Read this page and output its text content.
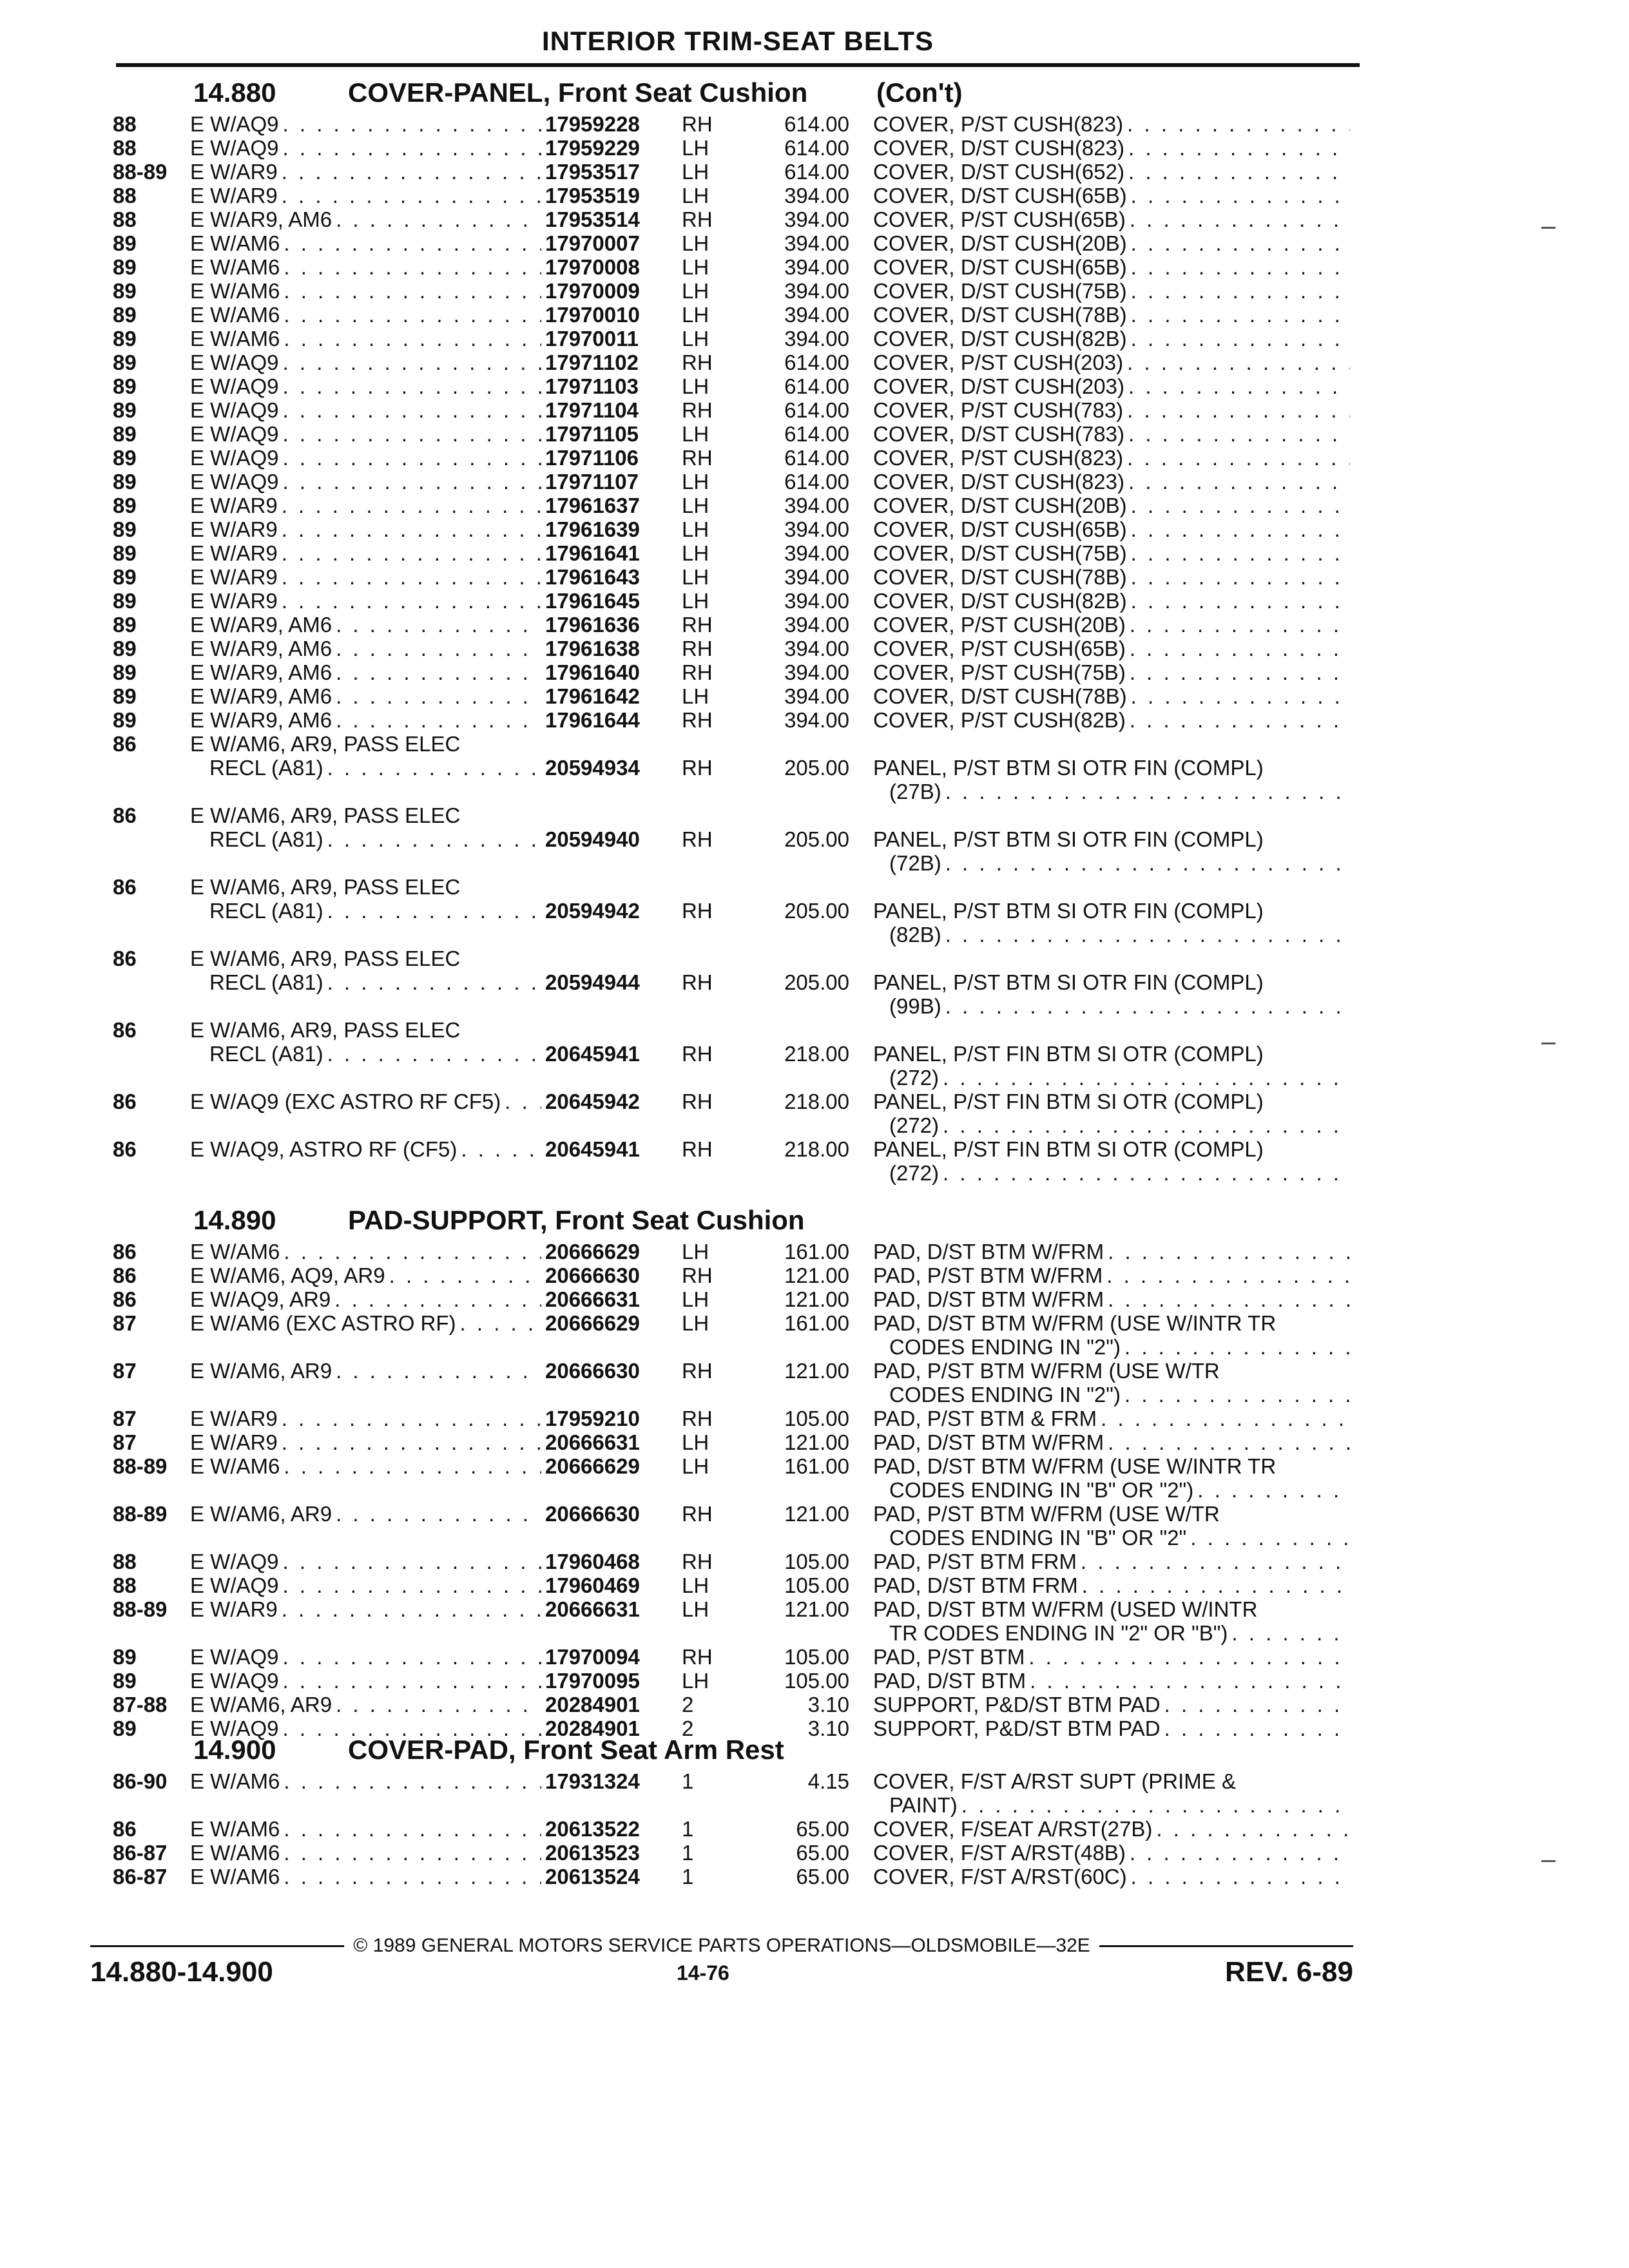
INTERIOR TRIM-SEAT BELTS
14.880	COVER-PANEL, Front Seat Cushion	(Con't)
88	E W/AQ9 . . .	17959228	RH	614.00 COVER, P/ST CUSH(823)
. . .
88	E W/AQ9 . . .	17959229	LH	614.00 COVER, D/ST CUSH(823)
. . .
88-89	E W/AR9 . . .	17953517	LH	614.00 COVER, D/ST CUSH(652)
. . .
88	E W/AR9 . . .	17953519	LH	394.00 COVER, D/ST CUSH(65B)
. . .
88	E W/AR9, AM6 . . .	17953514	RH	394.00 COVER, P/ST CUSH(65B)
. . .
89	E W/AM6 . . .	17970007	LH	394.00 COVER, D/ST CUSH(20B)
. . .
89	E W/AM6 . . .	17970008	LH	394.00 COVER, D/ST CUSH(65B)
. . .
89	E W/AM6 . . .	17970009	LH	394.00 COVER, D/ST CUSH(75B)
. . .
89	E W/AM6 . . .	17970010	LH	394.00 COVER, D/ST CUSH(78B)
. . .
89	E W/AM6 . . .	17970011	LH	394.00 COVER, D/ST CUSH(82B)
. . .
89	E W/AQ9 . . .	17971102	RH	614.00 COVER, P/ST CUSH(203)
. . .
89	E W/AQ9 . . .	17971103	LH	614.00 COVER, D/ST CUSH(203)
. . .
89	E W/AQ9 . . .	17971104	RH	614.00 COVER, P/ST CUSH(783)
. . .
89	E W/AQ9 . . .	17971105	LH	614.00 COVER, D/ST CUSH(783)
. . .
89	E W/AQ9 . . .	17971106	RH	614.00 COVER, P/ST CUSH(823)
. . .
89	E W/AQ9 . . .	17971107	LH	614.00 COVER, D/ST CUSH(823)
. . .
89	E W/AR9 . . .	17961637	LH	394.00 COVER, D/ST CUSH(20B)
. . .
89	E W/AR9 . . .	17961639	LH	394.00 COVER, D/ST CUSH(65B)
. . .
89	E W/AR9 . . .	17961641	LH	394.00 COVER, D/ST CUSH(75B)
. . .
89	E W/AR9 . . .	17961643	LH	394.00 COVER, D/ST CUSH(78B)
. . .
89	E W/AR9 . . .	17961645	LH	394.00 COVER, D/ST CUSH(82B)
. . .
89	E W/AR9, AM6 . . .	17961636	RH	394.00 COVER, P/ST CUSH(20B)
. . .
89	E W/AR9, AM6 . . .	17961638	RH	394.00 COVER, P/ST CUSH(65B)
. . .
89	E W/AR9, AM6 . . .	17961640	RH	394.00 COVER, P/ST CUSH(75B)
. . .
89	E W/AR9, AM6 . . .	17961642	LH	394.00 COVER, D/ST CUSH(78B)
. . .
89	E W/AR9, AM6 . . .	17961644	RH	394.00 COVER, P/ST CUSH(82B)
. . .
86	E W/AM6, AR9, PASS ELEC
RECL (A81) . . .	20594934	RH	205.00 PANEL, P/ST BTM SI OTR FIN (COMPL)
(27B)
. . .
86	E W/AM6, AR9, PASS ELEC
RECL (A81) . . .	20594940	RH	205.00 PANEL, P/ST BTM SI OTR FIN (COMPL)
(72B)
. . .
86	E W/AM6, AR9, PASS ELEC
RECL (A81) . . .	20594942	RH	205.00 PANEL, P/ST BTM SI OTR FIN (COMPL)
(82B)
. . .
86	E W/AM6, AR9, PASS ELEC
RECL (A81) . . .	20594944	RH	205.00 PANEL, P/ST BTM SI OTR FIN (COMPL)
(99B)
. . .
86	E W/AM6, AR9, PASS ELEC
RECL (A81) . . .	20645941	RH	218.00 PANEL, P/ST FIN BTM SI OTR (COMPL)
(272)
. . .
86	E W/AQ9 (EXC ASTRO RF CF5) . . . 20645942	RH	218.00 PANEL, P/ST FIN BTM SI OTR (COMPL)
(272)
. . .
86	E W/AQ9, ASTRO RF (CF5) . . .	20645941	RH	218.00 PANEL, P/ST FIN BTM SI OTR (COMPL)
(272)
. . .
14.890	PAD-SUPPORT, Front Seat Cushion
86	E W/AM6 . . .	20666629	LH	161.00 PAD, D/ST BTM W/FRM
. . .
86	E W/AM6, AQ9, AR9 . . .	20666630	RH	121.00 PAD, P/ST BTM W/FRM
. . .
86	E W/AQ9, AR9 . . .	20666631	LH	121.00 PAD, D/ST BTM W/FRM
. . .
87	E W/AM6 (EXC ASTRO RF) . . .	20666629	LH	161.00 PAD, D/ST BTM W/FRM (USE W/INTR TR
CODES ENDING IN "2")
. . .
87	E W/AM6, AR9 . . .	20666630	RH	121.00 PAD, P/ST BTM W/FRM (USE W/TR
CODES ENDING IN "2")
. . .
87	E W/AR9 . . .	17959210	RH	105.00 PAD, P/ST BTM & FRM
. . .
87	E W/AR9 . . .	20666631	LH	121.00 PAD, D/ST BTM W/FRM
. . .
88-89	E W/AM6 . . .	20666629	LH	161.00 PAD, D/ST BTM W/FRM (USE W/INTR TR
CODES ENDING IN "B" OR "2")
. . .
88-89	E W/AM6, AR9 . . .	20666630	RH	121.00 PAD, P/ST BTM W/FRM (USE W/TR
CODES ENDING IN "B" OR "2"
. . .
88	E W/AQ9 . . .	17960468	RH	105.00 PAD, P/ST BTM FRM
. . .
88	E W/AQ9 . . .	17960469	LH	105.00 PAD, D/ST BTM FRM
. . .
88-89	E W/AR9 . . .	20666631	LH	121.00 PAD, D/ST BTM W/FRM (USED W/INTR
TR CODES ENDING IN "2" OR "B")
. . .
89	E W/AQ9 . . .	17970094	RH	105.00 PAD, P/ST BTM
. . .
89	E W/AQ9 . . .	17970095	LH	105.00 PAD, D/ST BTM
. . .
87-88	E W/AM6, AR9 . . .	20284901	2	3.10 SUPPORT, P&D/ST BTM PAD
. . .
89	E W/AQ9 . . .	20284901	2	3.10 SUPPORT, P&D/ST BTM PAD
. . .
14.900	COVER-PAD, Front Seat Arm Rest
86-90	E W/AM6 . . .	17931324	1	4.15 COVER, F/ST A/RST SUPT (PRIME &
PAINT)
. . .
86	E W/AM6 . . .	20613522	1	65.00 COVER, F/SEAT A/RST(27B)
. . .
86-87	E W/AM6 . . .	20613523	1	65.00 COVER, F/ST A/RST(48B)
. . .
86-87	E W/AM6 . . .	20613524	1	65.00 COVER, F/ST A/RST(60C)
. . .
© 1989 GENERAL MOTORS SERVICE PARTS OPERATIONS—OLDSMOBILE—32E
14.880-14.900	14-76	REV. 6-89
